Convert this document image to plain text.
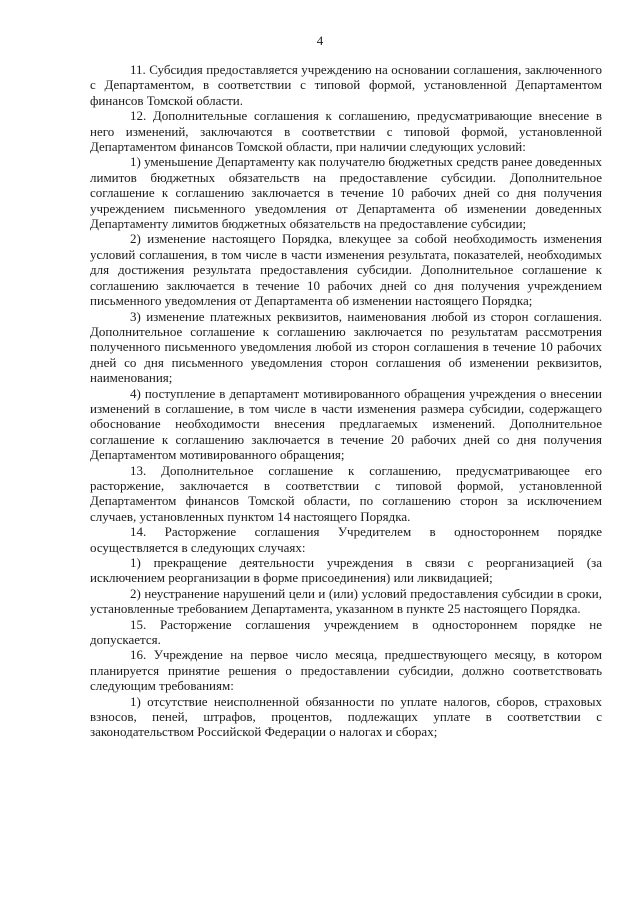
4

11. Субсидия предоставляется учреждению на основании соглашения, заключенного с Департаментом, в соответствии с типовой формой, установленной Департаментом финансов Томской области.

12. Дополнительные соглашения к соглашению, предусматривающие внесение в него изменений, заключаются в соответствии с типовой формой, установленной Департаментом финансов Томской области, при наличии следующих условий:

1) уменьшение Департаменту как получателю бюджетных средств ранее доведенных лимитов бюджетных обязательств на предоставление субсидии. Дополнительное соглашение к соглашению заключается в течение 10 рабочих дней со дня получения учреждением письменного уведомления от Департамента об изменении доведенных Департаменту лимитов бюджетных обязательств на предоставление субсидии;

2) изменение настоящего Порядка, влекущее за собой необходимость изменения условий соглашения, в том числе в части изменения результата, показателей, необходимых для достижения результата предоставления субсидии. Дополнительное соглашение к соглашению заключается в течение 10 рабочих дней со дня получения учреждением письменного уведомления от Департамента об изменении настоящего Порядка;

3) изменение платежных реквизитов, наименования любой из сторон соглашения. Дополнительное соглашение к соглашению заключается по результатам рассмотрения полученного письменного уведомления любой из сторон соглашения в течение 10 рабочих дней со дня письменного уведомления сторон соглашения об изменении реквизитов, наименования;

4) поступление в департамент мотивированного обращения учреждения о внесении изменений в соглашение, в том числе в части изменения размера субсидии, содержащего обоснование необходимости внесения предлагаемых изменений. Дополнительное соглашение к соглашению заключается в течение 20 рабочих дней со дня получения Департаментом мотивированного обращения;

13. Дополнительное соглашение к соглашению, предусматривающее его расторжение, заключается в соответствии с типовой формой, установленной Департаментом финансов Томской области, по соглашению сторон за исключением случаев, установленных пунктом 14 настоящего Порядка.

14. Расторжение соглашения Учредителем в одностороннем порядке осуществляется в следующих случаях:

1) прекращение деятельности учреждения в связи с реорганизацией (за исключением реорганизации в форме присоединения) или ликвидацией;

2) неустранение нарушений цели и (или) условий предоставления субсидии в сроки, установленные требованием Департамента, указанном в пункте 25 настоящего Порядка.

15. Расторжение соглашения учреждением в одностороннем порядке не допускается.

16. Учреждение на первое число месяца, предшествующего месяцу, в котором планируется принятие решения о предоставлении субсидии, должно соответствовать следующим требованиям:

1) отсутствие неисполненной обязанности по уплате налогов, сборов, страховых взносов, пеней, штрафов, процентов, подлежащих уплате в соответствии с законодательством Российской Федерации о налогах и сборах;
